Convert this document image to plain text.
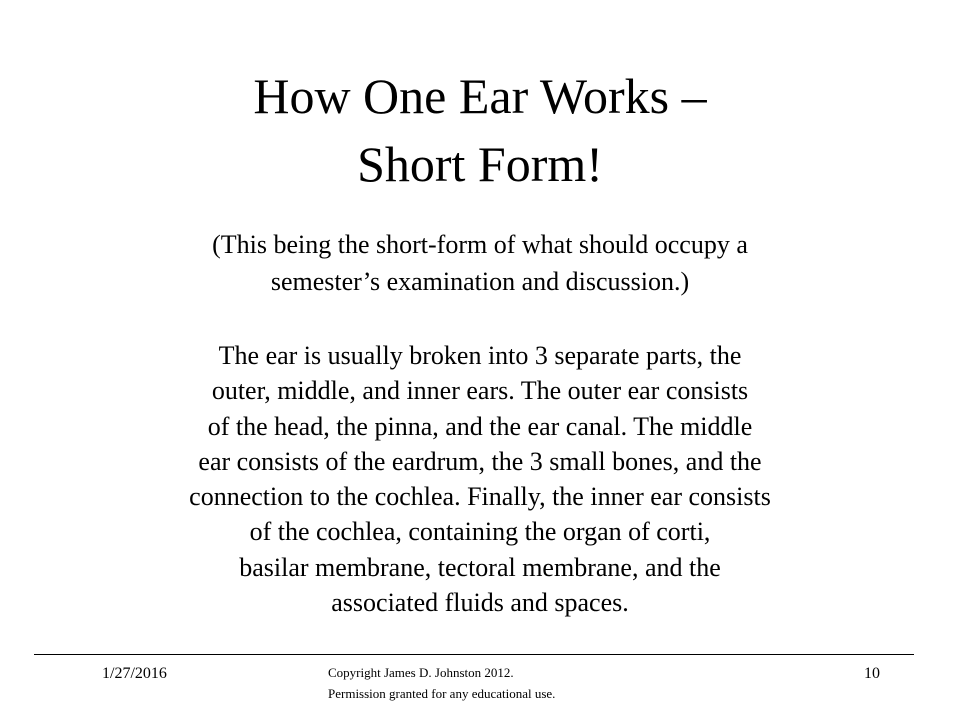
How One Ear Works –
Short Form!
(This being the short-form of what should occupy a
semester’s examination and discussion.)
The ear is usually broken into 3 separate parts, the
outer, middle, and inner ears. The outer ear consists
of the head, the pinna, and the ear canal. The middle
ear consists of the eardrum, the 3 small bones, and the
connection to the cochlea. Finally, the inner ear consists
of the cochlea, containing the organ of corti,
basilar membrane, tectoral membrane, and the
associated fluids and spaces.
1/27/2016	Copyright James D. Johnston 2012.
Permission granted for any educational use.
10
